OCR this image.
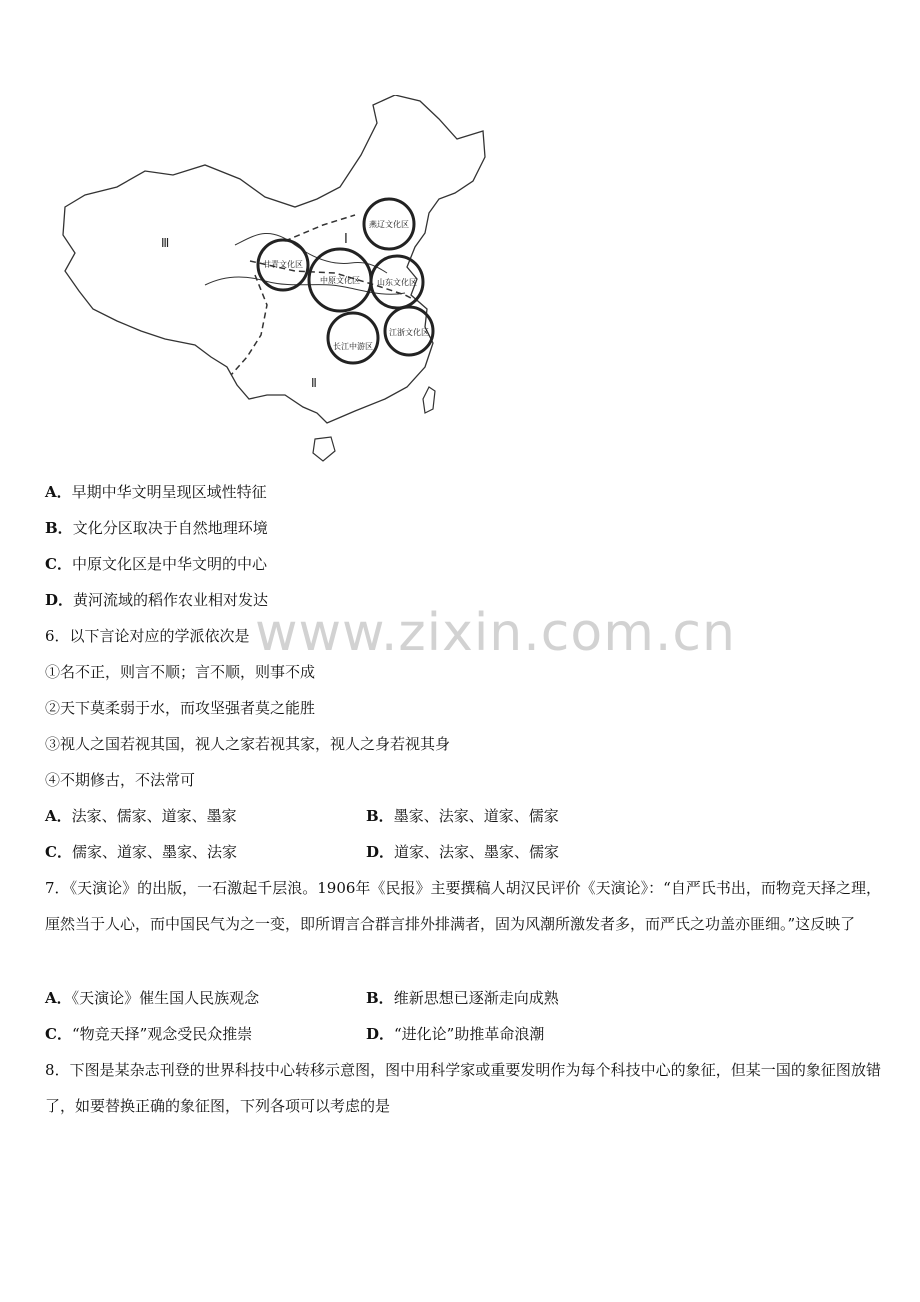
Ⅲ	Ⅰ
Ⅱ
燕辽文化区
甘青文化区
中原文化区 山东文化区
长江中游区
江浙文化区
A．早期中华文明呈现区域性特征
B．文化分区取决于自然地理环境
C．中原文化区是中华文明的中心
D．黄河流域的稻作农业相对发达
www.zixin.com.cn
6．以下言论对应的学派依次是
①名不正，则言不顺；言不顺，则事不成
②天下莫柔弱于水，而攻坚强者莫之能胜
③视人之国若视其国，视人之家若视其家，视人之身若视其身
④不期修古，不法常可
A．法家、儒家、道家、墨家	B．墨家、法家、道家、儒家
C．儒家、道家、墨家、法家	D．道家、法家、墨家、儒家
7．《天演论》的出版，一石激起千层浪。1906年《民报》主要撰稿人胡汉民评价《天演论》：“自严氏书出，而物竞天择之理，厘然当于人心，而中国民气为之一变，即所谓言合群言排外排满者，固为风潮所激发者多，而严氏之功盖亦匪细。”这反映了
A．《天演论》催生国人民族观念	B．维新思想已逐渐走向成熟
C．“物竞天择”观念受民众推崇	D．“进化论”助推革命浪潮
8．下图是某杂志刊登的世界科技中心转移示意图，图中用科学家或重要发明作为每个科技中心的象征，但某一国的象征图放错了，如要替换正确的象征图，下列各项可以考虑的是
